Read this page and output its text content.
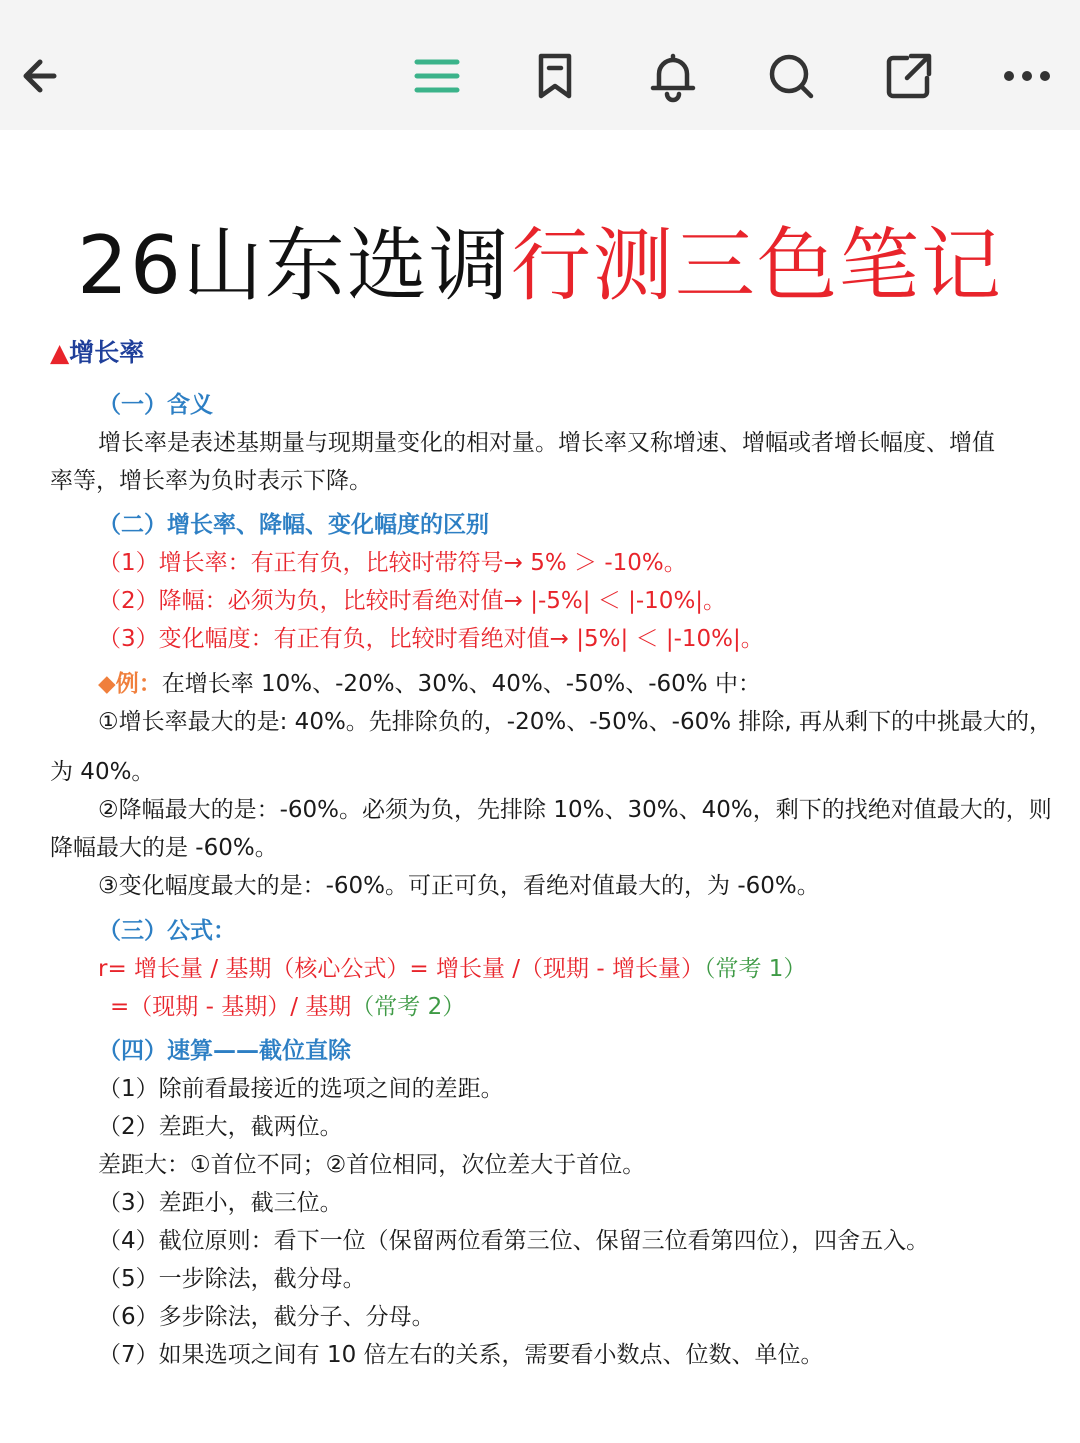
26山东选调行测三色笔记
▲增长率
（一）含义
增长率是表述基期量与现期量变化的相对量。增长率又称增速、增幅或者增长幅度、增值
率等，增长率为负时表示下降。
（二）增长率、降幅、变化幅度的区别
（1）增长率：有正有负，比较时带符号→ 5% ＞ -10%。
（2）降幅：必须为负，比较时看绝对值→ |-5%| ＜ |-10%|。
（3）变化幅度：有正有负，比较时看绝对值→ |5%| ＜ |-10%|。
◆例：在增长率 10%、-20%、30%、40%、-50%、-60% 中：
①增长率最大的是: 40%。先排除负的，-20%、-50%、-60% 排除, 再从剩下的中挑最大的，
为 40%。
②降幅最大的是：-60%。必须为负，先排除 10%、30%、40%，剩下的找绝对值最大的，则
降幅最大的是 -60%。
③变化幅度最大的是：-60%。可正可负，看绝对值最大的，为 -60%。
（三）公式：
r= 增长量 / 基期（核心公式）= 增长量 /（现期 - 增长量）（常考 1）
=（现期 - 基期）/ 基期（常考 2）
（四）速算——截位直除
（1）除前看最接近的选项之间的差距。
（2）差距大，截两位。
差距大：①首位不同；②首位相同，次位差大于首位。
（3）差距小，截三位。
（4）截位原则：看下一位（保留两位看第三位、保留三位看第四位），四舍五入。
（5）一步除法，截分母。
（6）多步除法，截分子、分母。
（7）如果选项之间有 10 倍左右的关系，需要看小数点、位数、单位。
